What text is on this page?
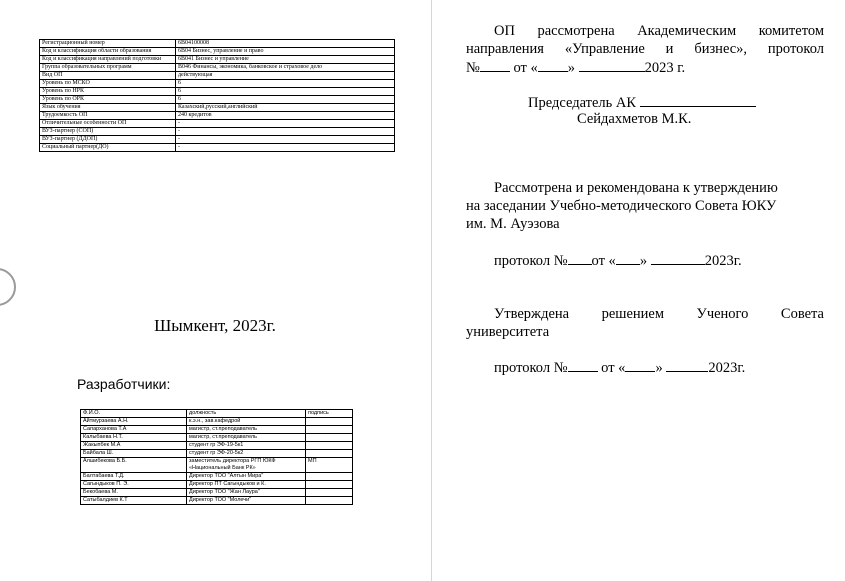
Регистрационный номер	6В04100008
Код и классификация области образования	6В04 Бизнес, управление и право
Код и классификация направлений подготовки	6В041 Бизнес и управление
Группа образовательных программ	В046 Финансы, экономика, банковское и страховое дело
Вид ОП	действующая
Уровень по МСКО	6
Уровень по НРК	6
Уровень по ОРК	6
Язык обучения	Казахский,русский,английский
Трудоемкость ОП	240 кредитов
Отличительные особенности ОП	-
ВУЗ-партнер (СОП)	-
ВУЗ-партнер (ДДОП)	-
Социальный партнер(ДО)	-
Шымкент, 2023г.
Разработчики:
Ф.И.О.	должность	подпись
Айтмурзаева А.Н.	к.э.н., зав.кафедрой	
Сапарханова Т.А	магистр, ст.преподаватель	
Калыбаева Н.Т.	магистр, ст.преподаватель	
Жакыпбек М.А	студент гр ЭФ-19-5к1	
Байбала Ш.	студент гр ЭФ-20-5к2	
Алшибекова Б.Б.	заместитель директора РГП ЮКФ «Национальный Банк РК»	МП
Балтабаева Т.Д.	Директор ТОО "Алтын Мира"	
Сагындыков П. Э.	Директор ПТ Сагындыков и К.	
Бекобаева М.	Директор ТОО "Жан Лаура"	
Сатыбалдиев К.Т	Директор ТОО "Молечи"	
ОП рассмотрена Академическим комитетом
направления «Управление и бизнес», протокол
№ от « »	2023 г.
Председатель АК
Сейдахметов М.К.
Рассмотрена и рекомендована к утверждению
на заседании Учебно-методического Совета ЮКУ
им. М. Ауэзова
протокол № от « »	2023г.
Утверждена решением Ученого Совета
университета
протокол № от « »	2023г.
